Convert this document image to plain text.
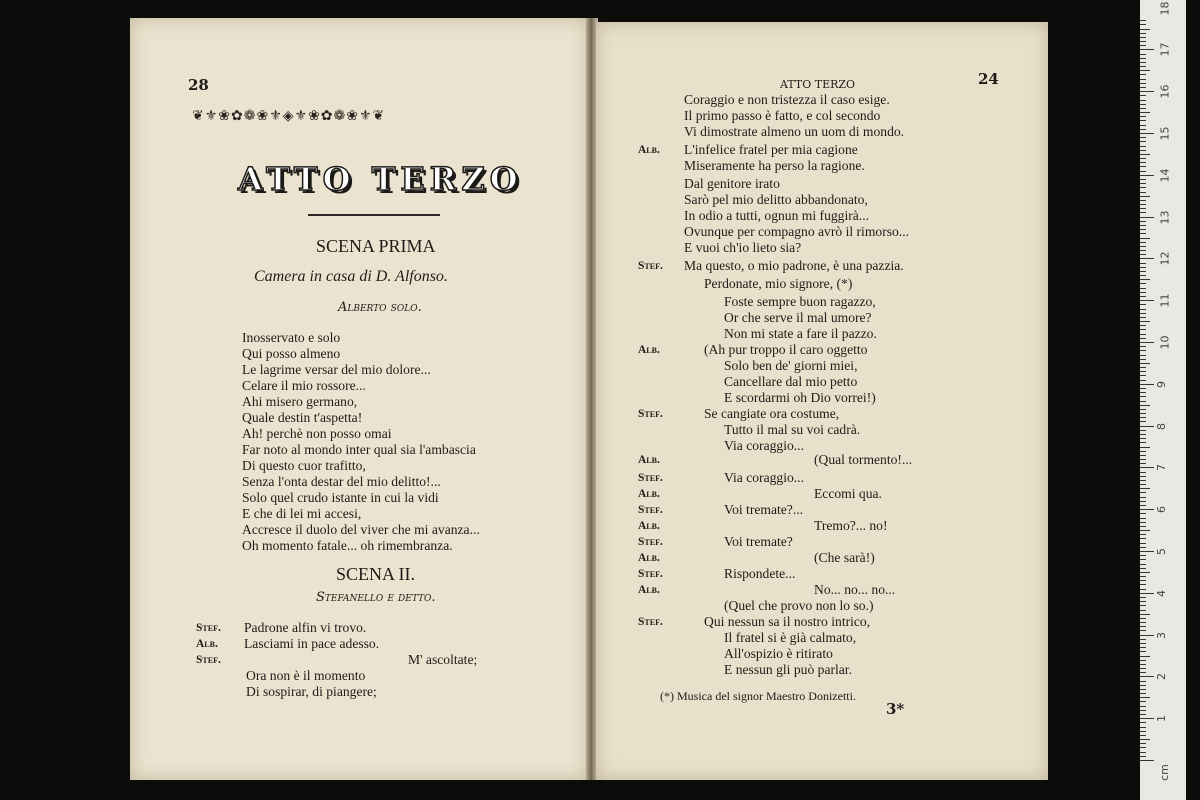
28
❦⚜❀✿❁❀⚜◈⚜❀✿❁❀⚜❦
ATTO TERZO
SCENA PRIMA
Camera in casa di D. Alfonso.
Alberto solo.
Inosservato e solo
Qui posso almeno
Le lagrime versar del mio dolore...
Celare il mio rossore...
Ahi misero germano,
Quale destin t'aspetta!
Ah! perchè non posso omai
Far noto al mondo inter qual sia l'ambascia
Di questo cuor trafitto,
Senza l'onta destar del mio delitto!...
Solo quel crudo istante in cui la vidi
E che di lei mi accesi,
Accresce il duolo del viver che mi avanza...
Oh momento fatale... oh rimembranza.
SCENA II.
Stefanello e detto.
Stef. Padrone alfin vi trovo.
Alb. Lasciami in pace adesso.
Stef.	M' ascoltate;
Ora non è il momento
Di sospirar, di piangere;
ATTO TERZO	24
Coraggio e non tristezza il caso esige.
Il primo passo è fatto, e col secondo
Vi dimostrate almeno un uom di mondo.
Alb. L'infelice fratel per mia cagione
Miseramente ha perso la ragione.
Dal genitore irato
Sarò pel mio delitto abbandonato,
In odio a tutti, ognun mi fuggirà...
Ovunque per compagno avrò il rimorso...
E vuoi ch'io lieto sia?
Stef. Ma questo, o mio padrone, è una pazzia.
Perdonate, mio signore, (*)
Foste sempre buon ragazzo,
Or che serve il mal umore?
Non mi state a fare il pazzo.
Alb.	(Ah pur troppo il caro oggetto
Solo ben de' giorni miei,
Cancellare dal mio petto
E scordarmi oh Dio vorrei!)
Stef.	Se cangiate ora costume,
Tutto il mal su voi cadrà.
Via coraggio...
Alb.	(Qual tormento!...
Stef.	Via coraggio...
Alb.	Eccomi qua.
Stef.	Voi tremate?...
Alb.	Tremo?... no!
Stef.	Voi tremate?
Alb.	(Che sarà!)
Stef.	Rispondete...
Alb.	No... no... no...
(Quel che provo non lo so.)
Stef.	Qui nessun sa il nostro intrico,
Il fratel si è già calmato,
All'ospizio è ritirato
E nessun gli può parlar.
(*) Musica del signor Maestro Donizetti.
3*
1
2
3
4
5
6
7
8
9
10
11
12
13
14
15
16
17
18
cm
